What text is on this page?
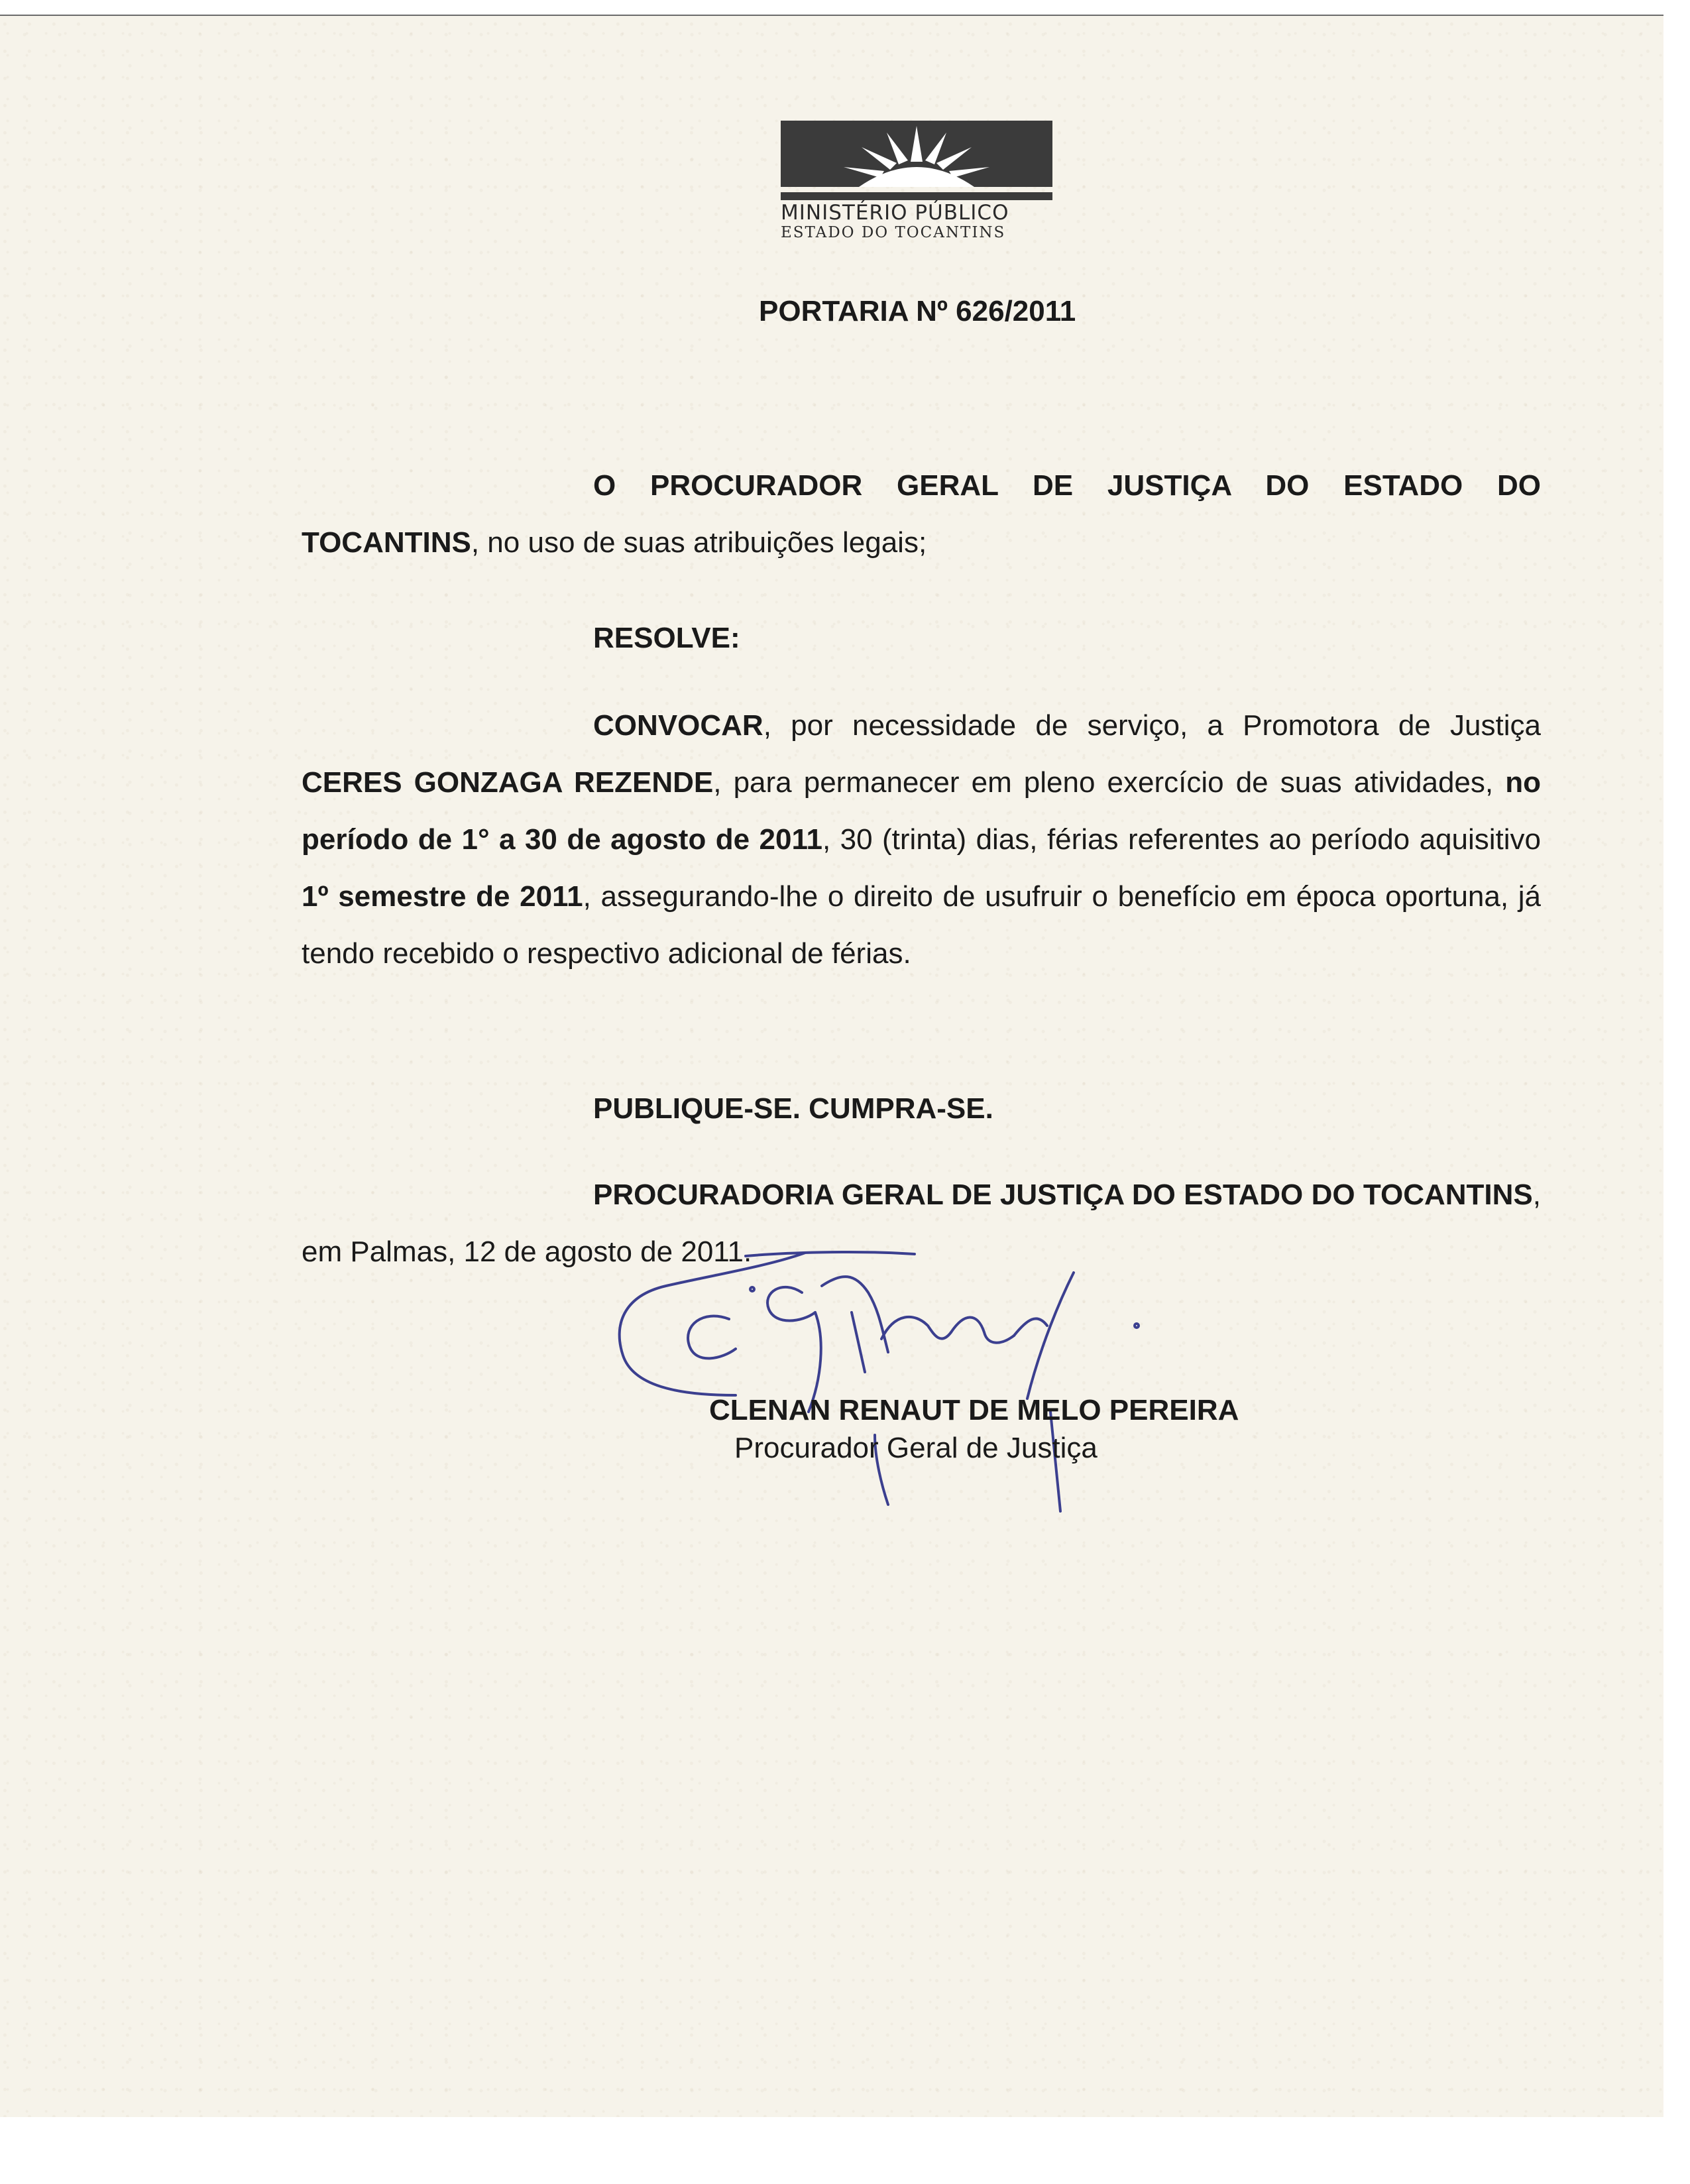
MINISTÉRIO PÚBLICO
ESTADO DO TOCANTINS
PORTARIA Nº 626/2011

O PROCURADOR GERAL DE JUSTIÇA DO ESTADO DO TOCANTINS, no uso de suas atribuições legais;

RESOLVE:

CONVOCAR, por necessidade de serviço, a Promotora de Justiça CERES GONZAGA REZENDE, para permanecer em pleno exercício de suas atividades, no período de 1° a 30 de agosto de 2011, 30 (trinta) dias, férias referentes ao período aquisitivo 1º semestre de 2011, assegurando-lhe o direito de usufruir o benefício em época oportuna, já tendo recebido o respectivo adicional de férias.

PUBLIQUE-SE. CUMPRA-SE.

PROCURADORIA GERAL DE JUSTIÇA DO ESTADO DO TOCANTINS, em Palmas, 12 de agosto de 2011.

CLENAN RENAUT DE MELO PEREIRA
Procurador Geral de Justiça
